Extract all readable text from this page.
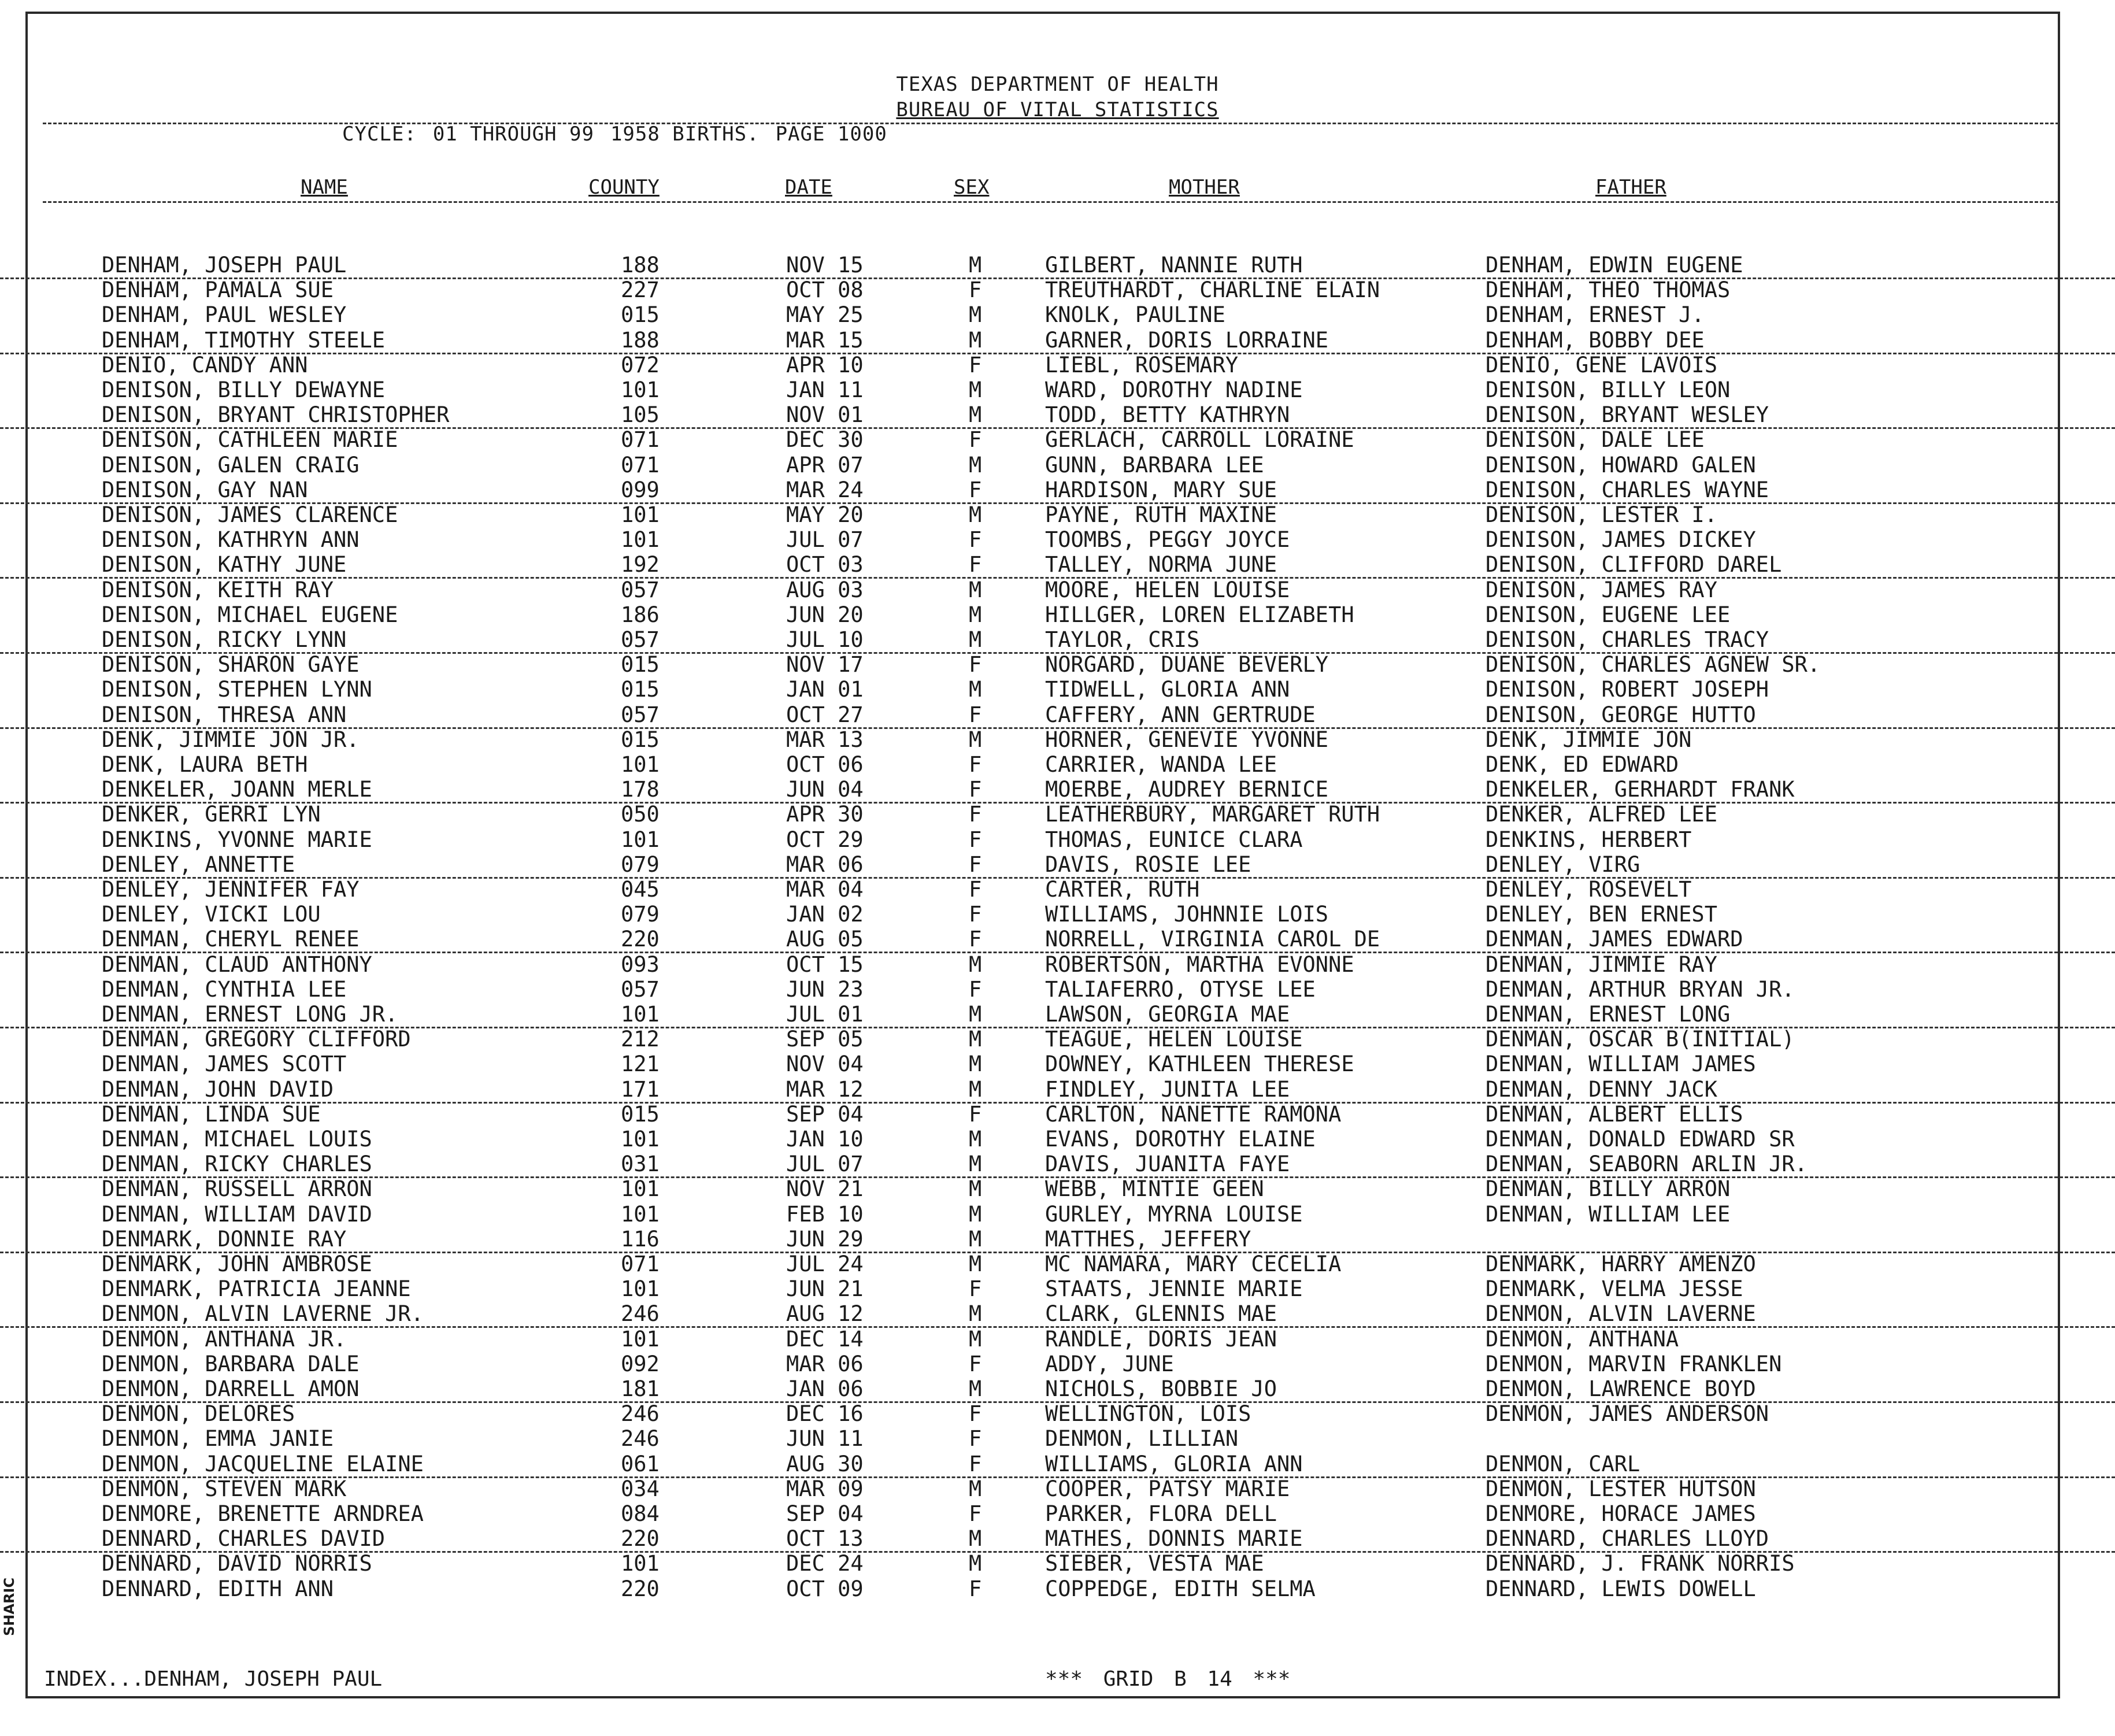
TEXAS DEPARTMENT OF HEALTH
BUREAU OF VITAL STATISTICS
CYCLE: 01 THROUGH 99 1958 BIRTHS. PAGE 1000
NAME	COUNTY	DATE	SEX	MOTHER	FATHER
DENHAM, JOSEPH PAUL	188	NOV 15	M	GILBERT, NANNIE RUTH	DENHAM, EDWIN EUGENE
DENHAM, PAMALA SUE	227	OCT 08	F	TREUTHARDT, CHARLINE ELAIN	DENHAM, THEO THOMAS
DENHAM, PAUL WESLEY	015	MAY 25	M	KNOLK, PAULINE	DENHAM, ERNEST J.
DENHAM, TIMOTHY STEELE	188	MAR 15	M	GARNER, DORIS LORRAINE	DENHAM, BOBBY DEE
DENIO, CANDY ANN	072	APR 10	F	LIEBL, ROSEMARY	DENIO, GENE LAVOIS
DENISON, BILLY DEWAYNE	101	JAN 11	M	WARD, DOROTHY NADINE	DENISON, BILLY LEON
DENISON, BRYANT CHRISTOPHER	105	NOV 01	M	TODD, BETTY KATHRYN	DENISON, BRYANT WESLEY
DENISON, CATHLEEN MARIE	071	DEC 30	F	GERLACH, CARROLL LORAINE	DENISON, DALE LEE
DENISON, GALEN CRAIG	071	APR 07	M	GUNN, BARBARA LEE	DENISON, HOWARD GALEN
DENISON, GAY NAN	099	MAR 24	F	HARDISON, MARY SUE	DENISON, CHARLES WAYNE
DENISON, JAMES CLARENCE	101	MAY 20	M	PAYNE, RUTH MAXINE	DENISON, LESTER I.
DENISON, KATHRYN ANN	101	JUL 07	F	TOOMBS, PEGGY JOYCE	DENISON, JAMES DICKEY
DENISON, KATHY JUNE	192	OCT 03	F	TALLEY, NORMA JUNE	DENISON, CLIFFORD DAREL
DENISON, KEITH RAY	057	AUG 03	M	MOORE, HELEN LOUISE	DENISON, JAMES RAY
DENISON, MICHAEL EUGENE	186	JUN 20	M	HILLGER, LOREN ELIZABETH	DENISON, EUGENE LEE
DENISON, RICKY LYNN	057	JUL 10	M	TAYLOR, CRIS	DENISON, CHARLES TRACY
DENISON, SHARON GAYE	015	NOV 17	F	NORGARD, DUANE BEVERLY	DENISON, CHARLES AGNEW SR.
DENISON, STEPHEN LYNN	015	JAN 01	M	TIDWELL, GLORIA ANN	DENISON, ROBERT JOSEPH
DENISON, THRESA ANN	057	OCT 27	F	CAFFERY, ANN GERTRUDE	DENISON, GEORGE HUTTO
DENK, JIMMIE JON JR.	015	MAR 13	M	HORNER, GENEVIE YVONNE	DENK, JIMMIE JON
DENK, LAURA BETH	101	OCT 06	F	CARRIER, WANDA LEE	DENK, ED EDWARD
DENKELER, JOANN MERLE	178	JUN 04	F	MOERBE, AUDREY BERNICE	DENKELER, GERHARDT FRANK
DENKER, GERRI LYN	050	APR 30	F	LEATHERBURY, MARGARET RUTH	DENKER, ALFRED LEE
DENKINS, YVONNE MARIE	101	OCT 29	F	THOMAS, EUNICE CLARA	DENKINS, HERBERT
DENLEY, ANNETTE	079	MAR 06	F	DAVIS, ROSIE LEE	DENLEY, VIRG
DENLEY, JENNIFER FAY	045	MAR 04	F	CARTER, RUTH	DENLEY, ROSEVELT
DENLEY, VICKI LOU	079	JAN 02	F	WILLIAMS, JOHNNIE LOIS	DENLEY, BEN ERNEST
DENMAN, CHERYL RENEE	220	AUG 05	F	NORRELL, VIRGINIA CAROL DE	DENMAN, JAMES EDWARD
DENMAN, CLAUD ANTHONY	093	OCT 15	M	ROBERTSON, MARTHA EVONNE	DENMAN, JIMMIE RAY
DENMAN, CYNTHIA LEE	057	JUN 23	F	TALIAFERRO, OTYSE LEE	DENMAN, ARTHUR BRYAN JR.
DENMAN, ERNEST LONG JR.	101	JUL 01	M	LAWSON, GEORGIA MAE	DENMAN, ERNEST LONG
DENMAN, GREGORY CLIFFORD	212	SEP 05	M	TEAGUE, HELEN LOUISE	DENMAN, OSCAR B(INITIAL)
DENMAN, JAMES SCOTT	121	NOV 04	M	DOWNEY, KATHLEEN THERESE	DENMAN, WILLIAM JAMES
DENMAN, JOHN DAVID	171	MAR 12	M	FINDLEY, JUNITA LEE	DENMAN, DENNY JACK
DENMAN, LINDA SUE	015	SEP 04	F	CARLTON, NANETTE RAMONA	DENMAN, ALBERT ELLIS
DENMAN, MICHAEL LOUIS	101	JAN 10	M	EVANS, DOROTHY ELAINE	DENMAN, DONALD EDWARD SR
DENMAN, RICKY CHARLES	031	JUL 07	M	DAVIS, JUANITA FAYE	DENMAN, SEABORN ARLIN JR.
DENMAN, RUSSELL ARRON	101	NOV 21	M	WEBB, MINTIE GEEN	DENMAN, BILLY ARRON
DENMAN, WILLIAM DAVID	101	FEB 10	M	GURLEY, MYRNA LOUISE	DENMAN, WILLIAM LEE
DENMARK, DONNIE RAY	116	JUN 29	M	MATTHES, JEFFERY
DENMARK, JOHN AMBROSE	071	JUL 24	M	MC NAMARA, MARY CECELIA	DENMARK, HARRY AMENZO
DENMARK, PATRICIA JEANNE	101	JUN 21	F	STAATS, JENNIE MARIE	DENMARK, VELMA JESSE
DENMON, ALVIN LAVERNE JR.	246	AUG 12	M	CLARK, GLENNIS MAE	DENMON, ALVIN LAVERNE
DENMON, ANTHANA JR.	101	DEC 14	M	RANDLE, DORIS JEAN	DENMON, ANTHANA
DENMON, BARBARA DALE	092	MAR 06	F	ADDY, JUNE	DENMON, MARVIN FRANKLEN
DENMON, DARRELL AMON	181	JAN 06	M	NICHOLS, BOBBIE JO	DENMON, LAWRENCE BOYD
DENMON, DELORES	246	DEC 16	F	WELLINGTON, LOIS	DENMON, JAMES ANDERSON
DENMON, EMMA JANIE	246	JUN 11	F	DENMON, LILLIAN
DENMON, JACQUELINE ELAINE	061	AUG 30	F	WILLIAMS, GLORIA ANN	DENMON, CARL
DENMON, STEVEN MARK	034	MAR 09	M	COOPER, PATSY MARIE	DENMON, LESTER HUTSON
DENMORE, BRENETTE ARNDREA	084	SEP 04	F	PARKER, FLORA DELL	DENMORE, HORACE JAMES
DENNARD, CHARLES DAVID	220	OCT 13	M	MATHES, DONNIS MARIE	DENNARD, CHARLES LLOYD
DENNARD, DAVID NORRIS	101	DEC 24	M	SIEBER, VESTA MAE	DENNARD, J. FRANK NORRIS
DENNARD, EDITH ANN	220	OCT 09	F	COPPEDGE, EDITH SELMA	DENNARD, LEWIS DOWELL
INDEX...DENHAM, JOSEPH PAUL	*** GRID B 14 ***
SHARIC
